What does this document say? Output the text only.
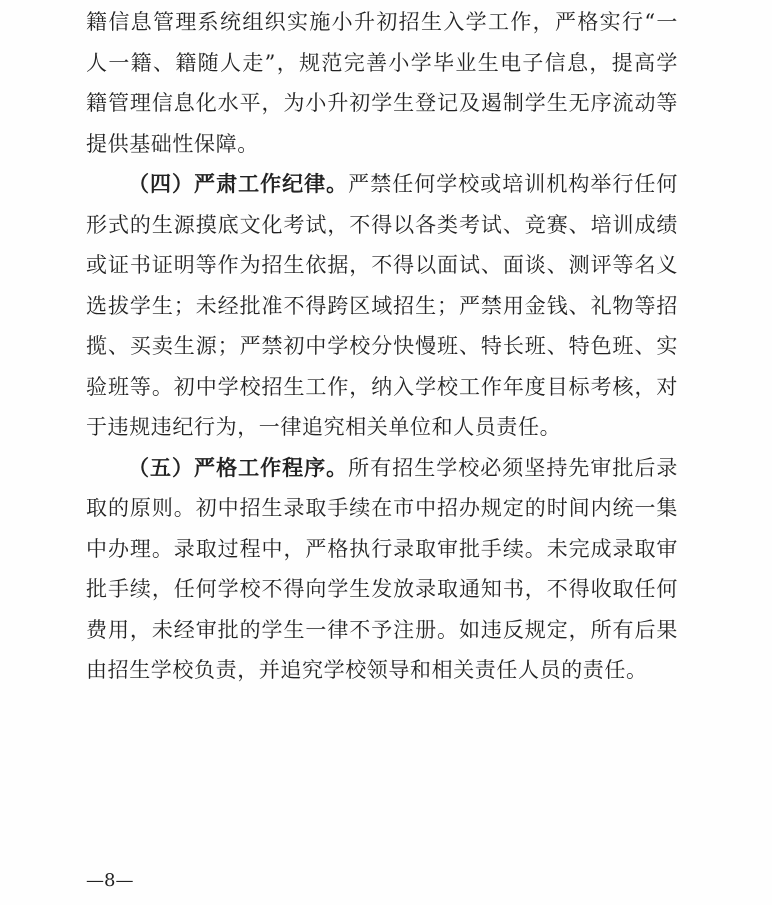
籍信息管理系统组织实施小升初招生入学工作，严格实行“一人一籍、籍随人走”，规范完善小学毕业生电子信息，提高学籍管理信息化水平，为小升初学生登记及遏制学生无序流动等提供基础性保障。

（四）严肃工作纪律。严禁任何学校或培训机构举行任何形式的生源摸底文化考试，不得以各类考试、竞赛、培训成绩或证书证明等作为招生依据，不得以面试、面谈、测评等名义选拔学生；未经批准不得跨区域招生；严禁用金钱、礼物等招揽、买卖生源；严禁初中学校分快慢班、特长班、特色班、实验班等。初中学校招生工作，纳入学校工作年度目标考核，对于违规违纪行为，一律追究相关单位和人员责任。

（五）严格工作程序。所有招生学校必须坚持先审批后录取的原则。初中招生录取手续在市中招办规定的时间内统一集中办理。录取过程中，严格执行录取审批手续。未完成录取审批手续，任何学校不得向学生发放录取通知书，不得收取任何费用，未经审批的学生一律不予注册。如违反规定，所有后果由招生学校负责，并追究学校领导和相关责任人员的责任。

—8—
